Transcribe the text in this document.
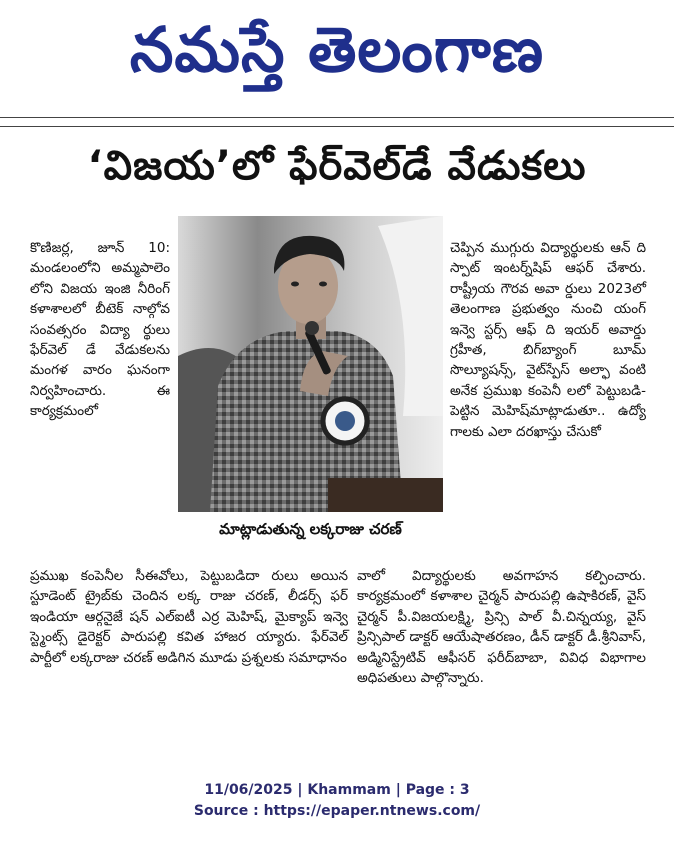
నమస్తే తెలంగాణ
‘విజయ’లో ఫేర్‌వెల్‌డే వేడుకలు

కొణిజర్ల, జూన్ 10: మండలంలోని అమ్మపాలెం లోని విజయ ఇంజి నీరింగ్ కళాశాలలో బీటెక్ నాల్గోవ సంవత్సరం విద్యా ర్థులు ఫేర్‌వెల్ డే వేడుకలను మంగళ వారం ఘనంగా నిర్వహించారు. ఈ కార్యక్రమంలో

మాట్లాడుతున్న లక్కరాజు చరణ్

చెప్పిన ముగ్గురు విద్యార్థులకు ఆన్ ది స్పాట్ ఇంటర్న్‌షిప్ ఆఫర్ చేశారు. రాష్ట్రీయ గౌరవ అవా ర్డులు 2023లో తెలంగాణ ప్రభుత్వం నుంచి యంగ్ ఇన్వె స్టర్స్ ఆఫ్ ది ఇయర్ అవార్డు గ్రహీత, బిగ్‌బ్యాంగ్ బూమ్ సొల్యూషన్స్, వైట్‌స్పేస్ అల్ఫా వంటి అనేక ప్రముఖ కంపెనీ లలో పెట్టుబడి- పెట్టిన మెహిష్‌మాట్లాడుతూ.. ఉద్యో గాలకు ఎలా దరఖాస్తు చేసుకో

ప్రముఖ కంపెనీల సీఈవోలు, పెట్టుబడిదా రులు అయిన స్టూడెంట్ ట్రైబ్‌కు చెందిన లక్క రాజు చరణ్, లీడర్స్ ఫర్ ఇండియా ఆర్గనైజే షన్ ఎల్ఐటీ ఎర్ర మెహిష్, మైక్యాప్ ఇన్వె స్ట్మెంట్స్ డైరెక్టర్ పారుపల్లి కవిత హాజర య్యారు. ఫేర్‌వెల్ పార్టీలో లక్కరాజు చరణ్ అడిగిన మూడు ప్రశ్నలకు సమాధానం

వాలో విద్యార్థులకు అవగాహన కల్పించారు. కార్యక్రమంలో కళాశాల చైర్మన్ పారుపల్లి ఉషాకిరణ్, వైస్ చైర్మన్ పీ.విజయలక్ష్మి, ప్రిన్సి పాల్ వీ.చిన్నయ్య, వైస్ ప్రిన్సిపాల్ డాక్టర్ ఆయేషాతరణం, డీన్ డాక్టర్ డీ.శ్రీనివాస్, అడ్మినిస్ట్రేటివ్ ఆఫీసర్ ఫరీద్‌బాబా, వివిధ విభాగాల అధిపతులు పాల్గొన్నారు.

11/06/2025 | Khammam | Page : 3
Source : https://epaper.ntnews.com/
